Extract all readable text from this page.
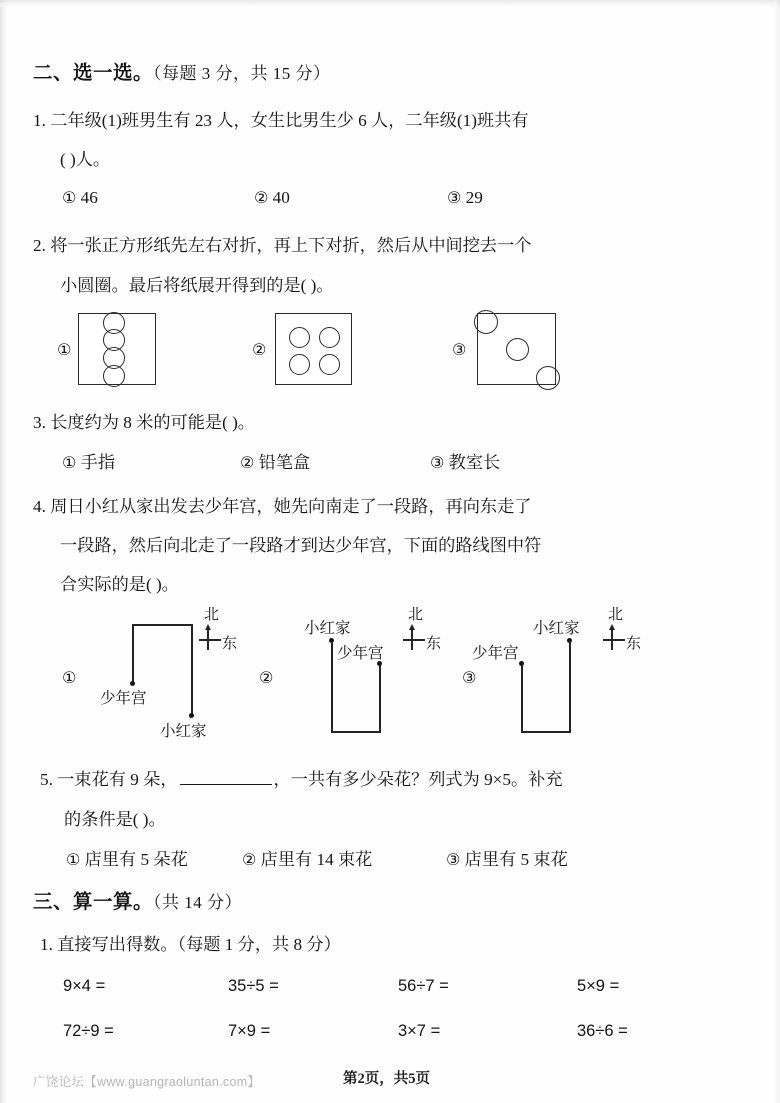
二、选一选。（每题 3 分，共 15 分）
1. 二年级(1)班男生有 23 人，女生比男生少 6 人，二年级(1)班共有
( )人。
① 46	② 40	③ 29
2. 将一张正方形纸先左右对折，再上下对折，然后从中间挖去一个
小圆圈。最后将纸展开得到的是( )。
①	②	③
3. 长度约为 8 米的可能是( )。
① 手指	② 铅笔盒	③ 教室长
4. 周日小红从家出发去少年宫，她先向南走了一段路，再向东走了
一段路，然后向北走了一段路才到达少年宫，下面的路线图中符
合实际的是( )。
①
少年宫
小红家
北
东
②
小红家
少年宫
北
东
③
小红家
少年宫
北
东
5. 一束花有 9 朵，	，一共有多少朵花？列式为 9×5。补充
的条件是( )。
① 店里有 5 朵花	② 店里有 14 束花	③ 店里有 5 束花
三、算一算。（共 14 分）
1. 直接写出得数。（每题 1 分，共 8 分）
9×4 =	35÷5 =	56÷7 =	5×9 =
72÷9 =	7×9 =	3×7 =	36÷6 =
广饶论坛【www.guangraoluntan.com】	第2页，共5页
